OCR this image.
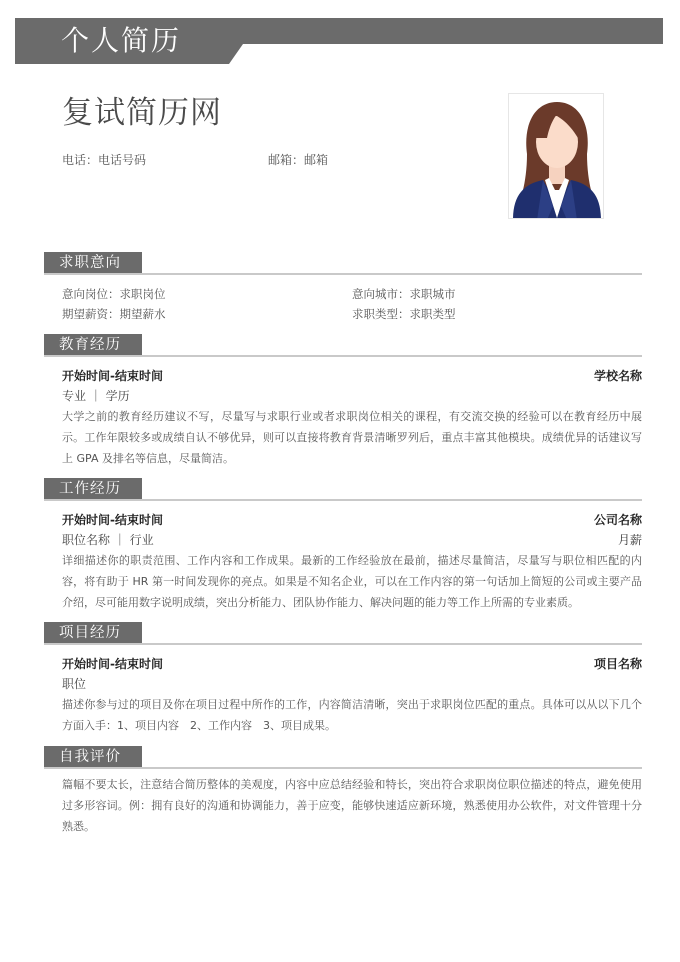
个人简历
复试简历网
电话：电话号码	邮箱：邮箱
求职意向
意向岗位：求职岗位	意向城市：求职城市
期望薪资：期望薪水	求职类型：求职类型
教育经历
开始时间-结束时间	学校名称
专业 ｜ 学历
大学之前的教育经历建议不写，尽量写与求职行业或者求职岗位相关的课程，有交流交换的经验可以在教育经历中展示。工作年限较多或成绩自认不够优异，则可以直接将教育背景清晰罗列后，重点丰富其他模块。成绩优异的话建议写上 GPA 及排名等信息，尽量简洁。
工作经历
开始时间-结束时间	公司名称
职位名称 ｜ 行业	月薪
详细描述你的职责范围、工作内容和工作成果。最新的工作经验放在最前，描述尽量简洁，尽量写与职位相匹配的内容，将有助于 HR 第一时间发现你的亮点。如果是不知名企业，可以在工作内容的第一句话加上简短的公司或主要产品介绍，尽可能用数字说明成绩，突出分析能力、团队协作能力、解决问题的能力等工作上所需的专业素质。
项目经历
开始时间-结束时间	项目名称
职位
描述你参与过的项目及你在项目过程中所作的工作，内容简洁清晰，突出于求职岗位匹配的重点。具体可以从以下几个方面入手：1、项目内容　2、工作内容　3、项目成果。
自我评价
篇幅不要太长，注意结合简历整体的美观度，内容中应总结经验和特长，突出符合求职岗位职位描述的特点，避免使用过多形容词。例：拥有良好的沟通和协调能力，善于应变，能够快速适应新环境，熟悉使用办公软件，对文件管理十分熟悉。
